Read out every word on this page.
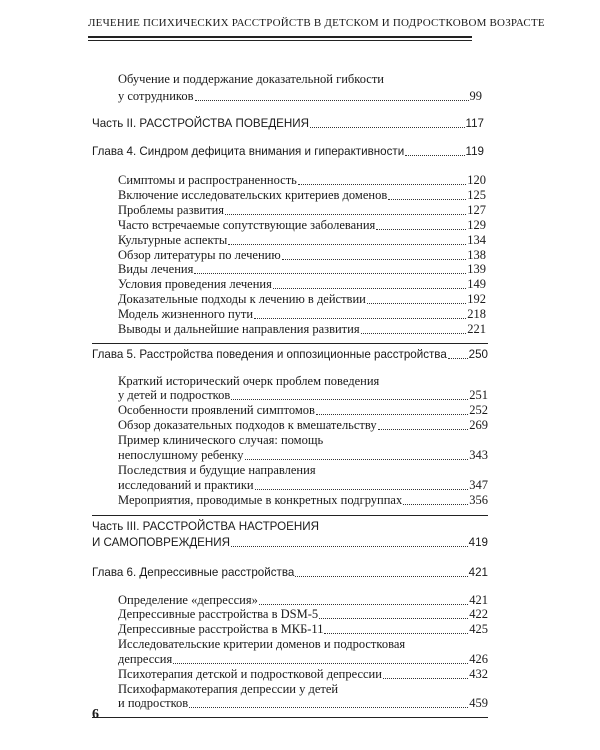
ЛЕЧЕНИЕ ПСИХИЧЕСКИХ РАССТРОЙСТВ В ДЕТСКОМ И ПОДРОСТКОВОМ ВОЗРАСТЕ
Обучение и поддержание доказательной гибкости
у сотрудников	99
Часть II. РАССТРОЙСТВА ПОВЕДЕНИЯ	117
Глава 4. Синдром дефицита внимания и гиперактивности	119
Симптомы и распространенность	120
Включение исследовательских критериев доменов	125
Проблемы развития	127
Часто встречаемые сопутствующие заболевания	129
Культурные аспекты	134
Обзор литературы по лечению	138
Виды лечения	139
Условия проведения лечения	149
Доказательные подходы к лечению в действии	192
Модель жизненного пути	218
Выводы и дальнейшие направления развития	221
Глава 5. Расстройства поведения и оппозиционные расстройства 250
Краткий исторический очерк проблем поведения
у детей и подростков	251
Особенности проявлений симптомов	252
Обзор доказательных подходов к вмешательству	269
Пример клинического случая: помощь
непослушному ребенку	343
Последствия и будущие направления
исследований и практики	347
Мероприятия, проводимые в конкретных подгруппах	356
Часть III. РАССТРОЙСТВА НАСТРОЕНИЯ
И САМОПОВРЕЖДЕНИЯ	419
Глава 6. Депрессивные расстройства	421
Определение «депрессия»	421
Депрессивные расстройства в DSM-5	422
Депрессивные расстройства в МКБ-11	425
Исследовательские критерии доменов и подростковая
депрессия	426
Психотерапия детской и подростковой депрессии	432
Психофармакотерапия депрессии у детей
и подростков	459
6
